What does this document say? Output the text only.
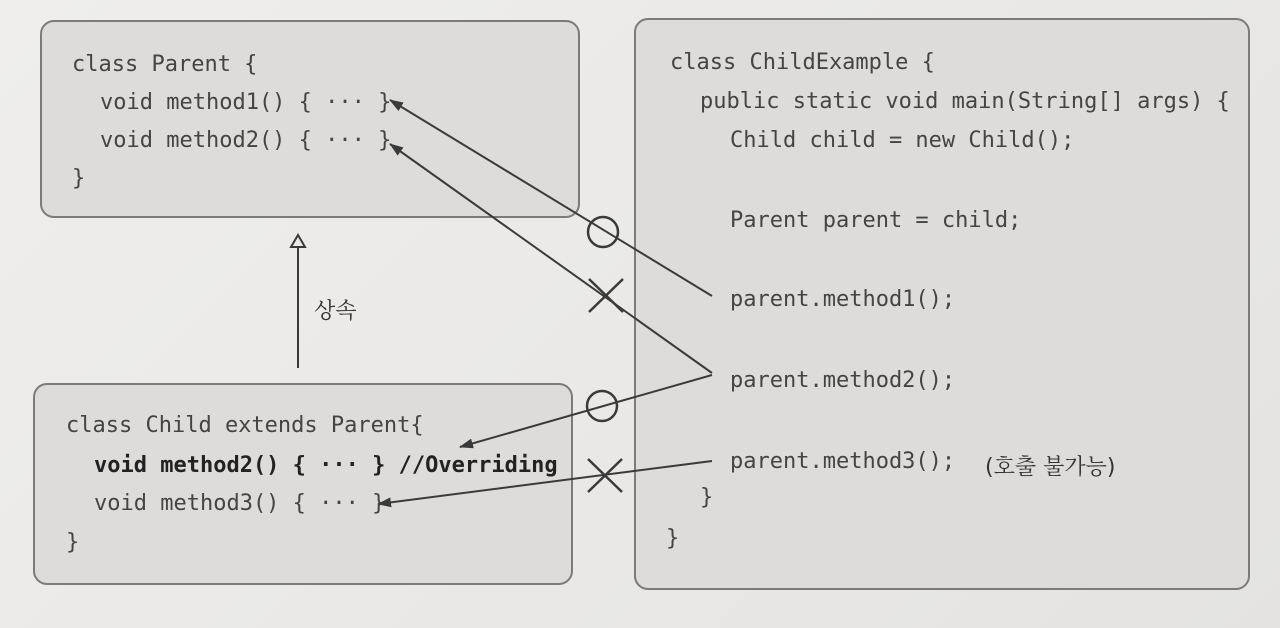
class Parent {
void method1() { ··· }
void method2() { ··· }
}
class Child extends Parent{
void method2() { ··· } //Overriding
void method3() { ··· }
}
class ChildExample {
public static void main(String[] args) {
Child child = new Child();
Parent parent = child;
parent.method1();
parent.method2();
parent.method3(); (호출 불가능)
}
}
상속
